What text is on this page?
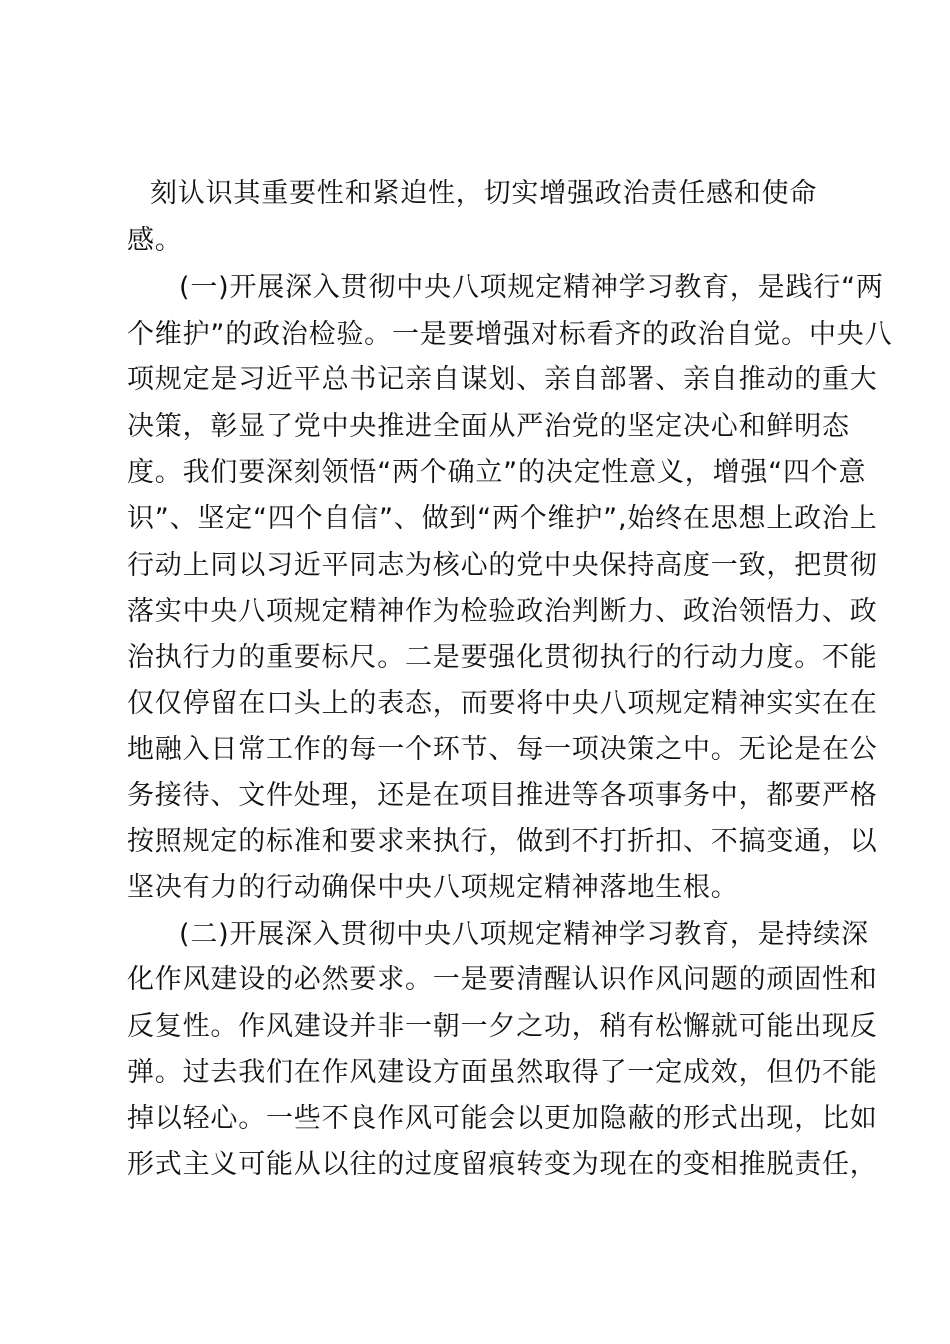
刻认识其重要性和紧迫性，切实增强政治责任感和使命
感。
(一)开展深入贯彻中央八项规定精神学习教育，是践行“两
个维护”的政治检验。一是要增强对标看齐的政治自觉。中央八
项规定是习近平总书记亲自谋划、亲自部署、亲自推动的重大
决策，彰显了党中央推进全面从严治党的坚定决心和鲜明态
度。我们要深刻领悟“两个确立”的决定性意义，增强“四个意
识”、坚定“四个自信”、做到“两个维护”,始终在思想上政治上
行动上同以习近平同志为核心的党中央保持高度一致，把贯彻
落实中央八项规定精神作为检验政治判断力、政治领悟力、政
治执行力的重要标尺。二是要强化贯彻执行的行动力度。不能
仅仅停留在口头上的表态，而要将中央八项规定精神实实在在
地融入日常工作的每一个环节、每一项决策之中。无论是在公
务接待、文件处理，还是在项目推进等各项事务中，都要严格
按照规定的标准和要求来执行，做到不打折扣、不搞变通，以
坚决有力的行动确保中央八项规定精神落地生根。
(二)开展深入贯彻中央八项规定精神学习教育，是持续深
化作风建设的必然要求。一是要清醒认识作风问题的顽固性和
反复性。作风建设并非一朝一夕之功，稍有松懈就可能出现反
弹。过去我们在作风建设方面虽然取得了一定成效，但仍不能
掉以轻心。一些不良作风可能会以更加隐蔽的形式出现，比如
形式主义可能从以往的过度留痕转变为现在的变相推脱责任，
